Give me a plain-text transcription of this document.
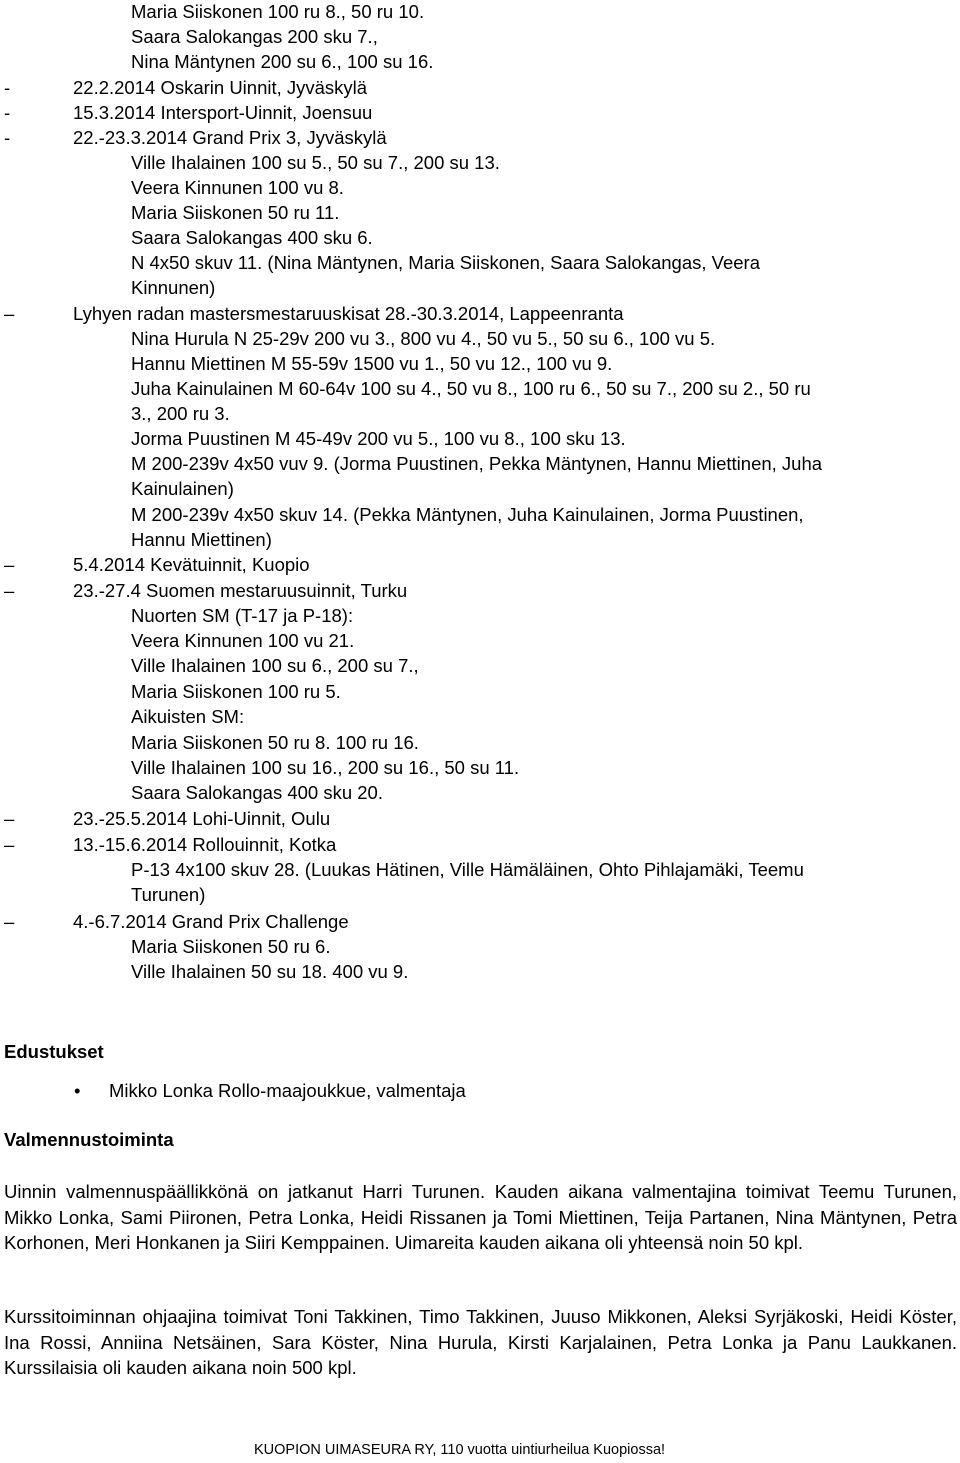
Maria Siiskonen 100 ru 8., 50 ru 10.
Saara Salokangas 200 sku 7.,
Nina Mäntynen 200 su 6., 100 su 16.
-	22.2.2014 Oskarin Uinnit, Jyväskylä
-	15.3.2014 Intersport-Uinnit, Joensuu
-	22.-23.3.2014 Grand Prix 3, Jyväskylä
Ville Ihalainen 100 su 5., 50 su 7., 200 su 13.
Veera Kinnunen 100 vu 8.
Maria Siiskonen 50 ru 11.
Saara Salokangas 400 sku 6.
N 4x50 skuv 11. (Nina Mäntynen, Maria Siiskonen, Saara Salokangas, Veera
Kinnunen)
–	Lyhyen radan mastersmestaruuskisat 28.-30.3.2014, Lappeenranta
Nina Hurula N 25-29v 200 vu 3., 800 vu 4., 50 vu 5., 50 su 6., 100 vu 5.
Hannu Miettinen M 55-59v 1500 vu 1., 50 vu 12., 100 vu 9.
Juha Kainulainen M 60-64v 100 su 4., 50 vu 8., 100 ru 6., 50 su 7., 200 su 2., 50 ru
3., 200 ru 3.
Jorma Puustinen M 45-49v 200 vu 5., 100 vu 8., 100 sku 13.
M 200-239v 4x50 vuv 9. (Jorma Puustinen, Pekka Mäntynen, Hannu Miettinen, Juha
Kainulainen)
M 200-239v 4x50 skuv 14. (Pekka Mäntynen, Juha Kainulainen, Jorma Puustinen,
Hannu Miettinen)
–	5.4.2014 Kevätuinnit, Kuopio
–	23.-27.4 Suomen mestaruusuinnit, Turku
Nuorten SM (T-17 ja P-18):
Veera Kinnunen 100 vu 21.
Ville Ihalainen 100 su 6., 200 su 7.,
Maria Siiskonen 100 ru 5.
Aikuisten SM:
Maria Siiskonen 50 ru 8. 100 ru 16.
Ville Ihalainen 100 su 16., 200 su 16., 50 su 11.
Saara Salokangas 400 sku 20.
–	23.-25.5.2014 Lohi-Uinnit, Oulu
–	13.-15.6.2014 Rollouinnit, Kotka
P-13 4x100 skuv 28. (Luukas Hätinen, Ville Hämäläinen, Ohto Pihlajamäki, Teemu
Turunen)
–	4.-6.7.2014 Grand Prix Challenge
Maria Siiskonen 50 ru 6.
Ville Ihalainen 50 su 18. 400 vu 9.
Edustukset
• Mikko Lonka Rollo-maajoukkue, valmentaja
Valmennustoiminta
Uinnin valmennuspäällikkönä on jatkanut Harri Turunen. Kauden aikana valmentajina toimivat Teemu Turunen, Mikko Lonka, Sami Piironen, Petra Lonka, Heidi Rissanen ja Tomi Miettinen, Teija Partanen, Nina Mäntynen, Petra Korhonen, Meri Honkanen ja Siiri Kemppainen. Uimareita kauden aikana oli yhteensä noin 50 kpl.
Kurssitoiminnan ohjaajina toimivat Toni Takkinen, Timo Takkinen, Juuso Mikkonen, Aleksi Syrjäkoski, Heidi Köster, Ina Rossi, Anniina Netsäinen, Sara Köster, Nina Hurula, Kirsti Karjalainen, Petra Lonka ja Panu Laukkanen. Kurssilaisia oli kauden aikana noin 500 kpl.
KUOPION UIMASEURA RY, 110 vuotta uintiurheilua Kuopiossa!
